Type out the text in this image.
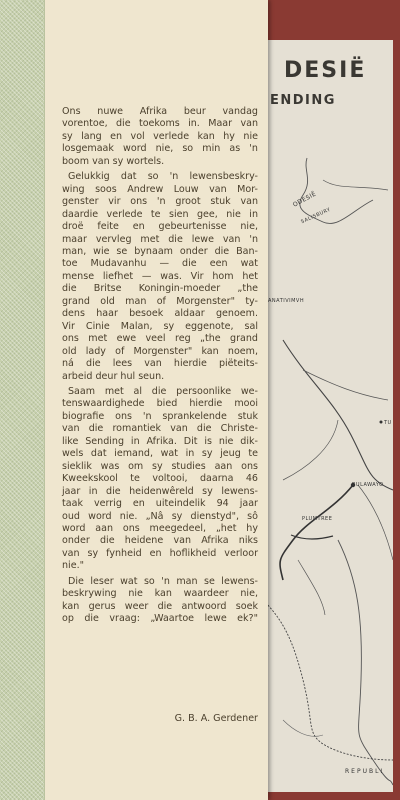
DESIË
ENDING
ODESIË
SALISBURY
ANATIVIMVH
PLUMTREE
BULAWAYO
TU
REPUBLI
Ons nuwe Afrika beur vandag
vorentoe, die toekoms in. Maar van
sy lang en vol verlede kan hy nie
losgemaak word nie, so min as 'n
boom van sy wortels.
Gelukkig dat so 'n lewensbeskry-
wing soos Andrew Louw van Mor-
genster vir ons 'n groot stuk van
daardie verlede te sien gee, nie in
droë feite en gebeurtenisse nie,
maar vervleg met die lewe van 'n
man, wie se bynaam onder die Ban-
toe Mudavanhu — die een wat
mense liefhet — was. Vir hom het
die Britse Koningin-moeder „the
grand old man of Morgenster" ty-
dens haar besoek aldaar genoem.
Vir Cinie Malan, sy eggenote, sal
ons met ewe veel reg „the grand
old lady of Morgenster" kan noem,
ná die lees van hierdie piëteits-
arbeid deur hul seun.
Saam met al die persoonlike we-
tenswaardighede bied hierdie mooi
biografie ons 'n sprankelende stuk
van die romantiek van die Christe-
like Sending in Afrika. Dit is nie dik-
wels dat iemand, wat in sy jeug te
sieklik was om sy studies aan ons
Kweekskool te voltooi, daarna 46
jaar in die heidenwêreld sy lewens-
taak verrig en uiteindelik 94 jaar
oud word nie. „Nâ sy dienstyd", sô
word aan ons meegedeel, „het hy
onder die heidene van Afrika niks
van sy fynheid en hoflikheid verloor
nie."
Die leser wat so 'n man se lewens-
beskrywing nie kan waardeer nie,
kan gerus weer die antwoord soek
op die vraag: „Waartoe lewe ek?"
G. B. A. Gerdener
